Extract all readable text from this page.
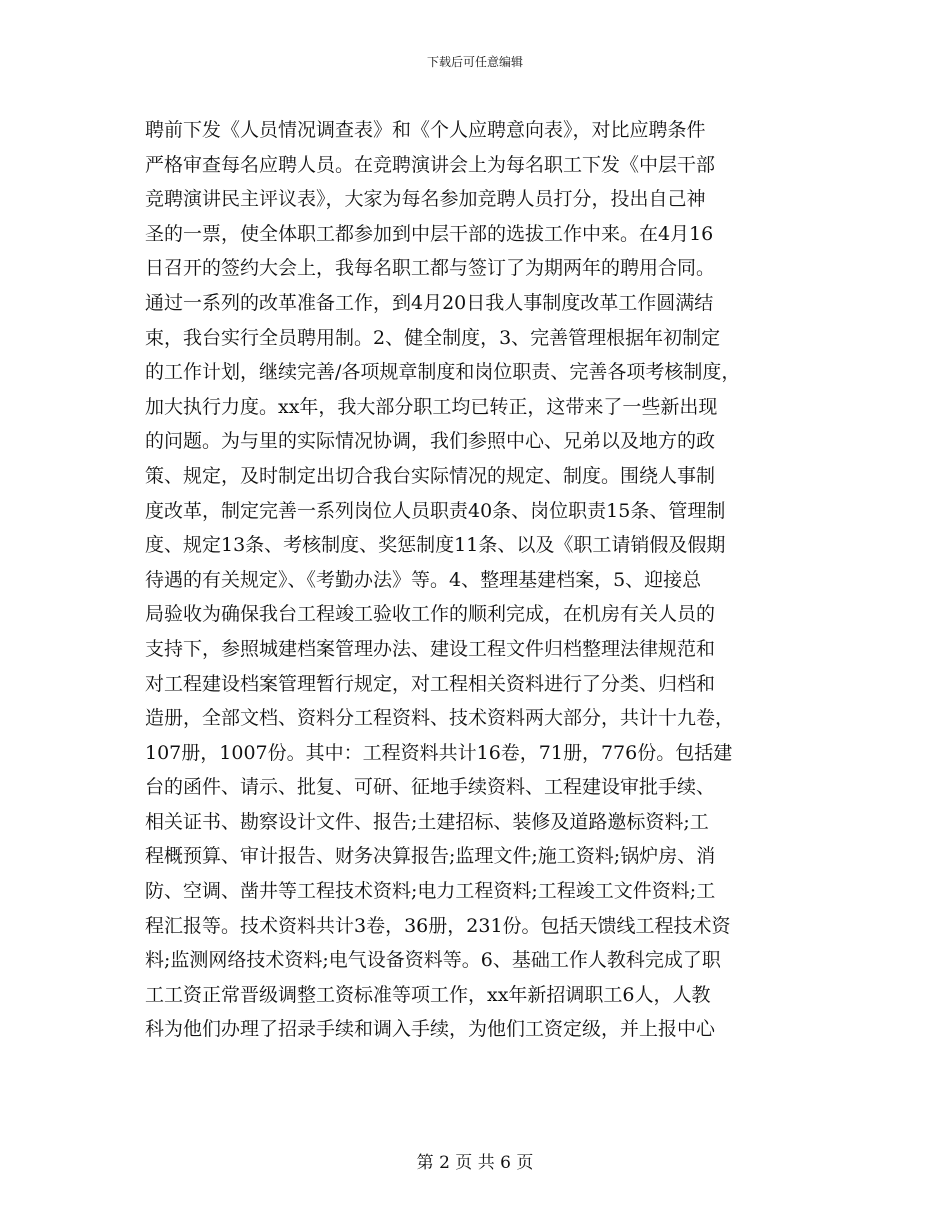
下载后可任意编辑
聘前下发《人员情况调查表》和《个人应聘意向表》，对比应聘条件
严格审查每名应聘人员。在竞聘演讲会上为每名职工下发《中层干部
竞聘演讲民主评议表》，大家为每名参加竞聘人员打分，投出自己神
圣的一票，使全体职工都参加到中层干部的选拔工作中来。在4月16
日召开的签约大会上，我每名职工都与签订了为期两年的聘用合同。
通过一系列的改革准备工作，到4月20日我人事制度改革工作圆满结
束，我台实行全员聘用制。2、健全制度，3、完善管理根据年初制定
的工作计划，继续完善/各项规章制度和岗位职责、完善各项考核制度，
加大执行力度。xx年，我大部分职工均已转正，这带来了一些新出现
的问题。为与里的实际情况协调，我们参照中心、兄弟以及地方的政
策、规定，及时制定出切合我台实际情况的规定、制度。围绕人事制
度改革，制定完善一系列岗位人员职责40条、岗位职责15条、管理制
度、规定13条、考核制度、奖惩制度11条、以及《职工请销假及假期
待遇的有关规定》、《考勤办法》等。4、整理基建档案，5、迎接总
局验收为确保我台工程竣工验收工作的顺利完成，在机房有关人员的
支持下，参照城建档案管理办法、建设工程文件归档整理法律规范和
对工程建设档案管理暂行规定，对工程相关资料进行了分类、归档和
造册，全部文档、资料分工程资料、技术资料两大部分，共计十九卷，
107册，1007份。其中：工程资料共计16卷，71册，776份。包括建
台的函件、请示、批复、可研、征地手续资料、工程建设审批手续、
相关证书、勘察设计文件、报告;土建招标、装修及道路邀标资料;工
程概预算、审计报告、财务决算报告;监理文件;施工资料;锅炉房、消
防、空调、凿井等工程技术资料;电力工程资料;工程竣工文件资料;工
程汇报等。技术资料共计3卷，36册，231份。包括天馈线工程技术资
料;监测网络技术资料;电气设备资料等。6、基础工作人教科完成了职
工工资正常晋级调整工资标准等项工作，xx年新招调职工6人，人教
科为他们办理了招录手续和调入手续，为他们工资定级，并上报中心
第 2 页 共 6 页
